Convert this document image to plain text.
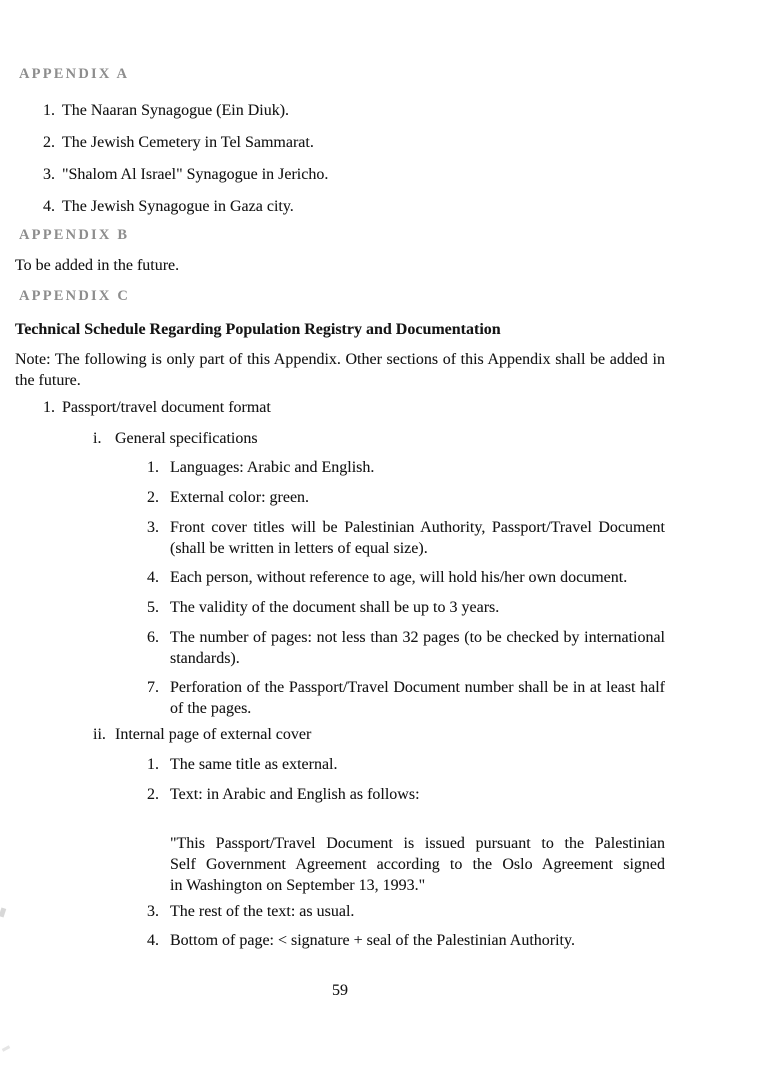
APPENDIX A
1. The Naaran Synagogue (Ein Diuk).
2. The Jewish Cemetery in Tel Sammarat.
3. "Shalom Al Israel" Synagogue in Jericho.
4. The Jewish Synagogue in Gaza city.
APPENDIX B
To be added in the future.
APPENDIX C
Technical Schedule Regarding Population Registry and Documentation
Note: The following is only part of this Appendix. Other sections of this Appendix shall be added in the future.
1. Passport/travel document format
i. General specifications
1. Languages: Arabic and English.
2. External color: green.
3. Front cover titles will be Palestinian Authority, Passport/Travel Document (shall be written in letters of equal size).
4. Each person, without reference to age, will hold his/her own document.
5. The validity of the document shall be up to 3 years.
6. The number of pages: not less than 32 pages (to be checked by international standards).
7. Perforation of the Passport/Travel Document number shall be in at least half of the pages.
ii. Internal page of external cover
1. The same title as external.
2. Text: in Arabic and English as follows:
"This Passport/Travel Document is issued pursuant to the Palestinian
Self Government Agreement according to the Oslo Agreement signed
in Washington on September 13, 1993."
3. The rest of the text: as usual.
4. Bottom of page: < signature + seal of the Palestinian Authority.
59
